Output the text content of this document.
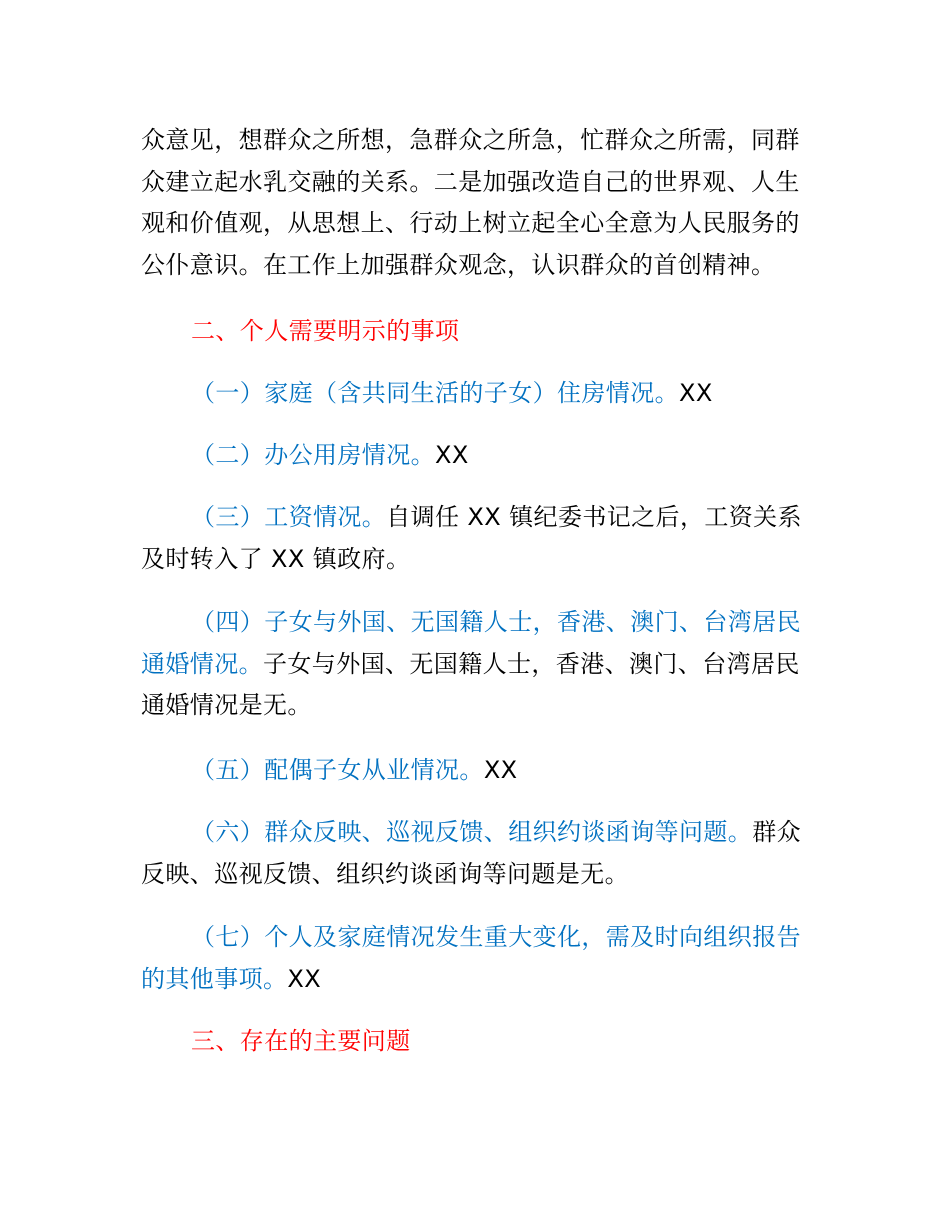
众意见，想群众之所想，急群众之所急，忙群众之所需，同群众建立起水乳交融的关系。二是加强改造自己的世界观、人生观和价值观，从思想上、行动上树立起全心全意为人民服务的公仆意识。在工作上加强群众观念，认识群众的首创精神。

二、个人需要明示的事项

（一）家庭（含共同生活的子女）住房情况。XX

（二）办公用房情况。XX

（三）工资情况。自调任 XX 镇纪委书记之后，工资关系及时转入了 XX 镇政府。

（四）子女与外国、无国籍人士，香港、澳门、台湾居民通婚情况。子女与外国、无国籍人士，香港、澳门、台湾居民通婚情况是无。

（五）配偶子女从业情况。XX

（六）群众反映、巡视反馈、组织约谈函询等问题。群众反映、巡视反馈、组织约谈函询等问题是无。

（七）个人及家庭情况发生重大变化，需及时向组织报告的其他事项。XX

三、存在的主要问题
